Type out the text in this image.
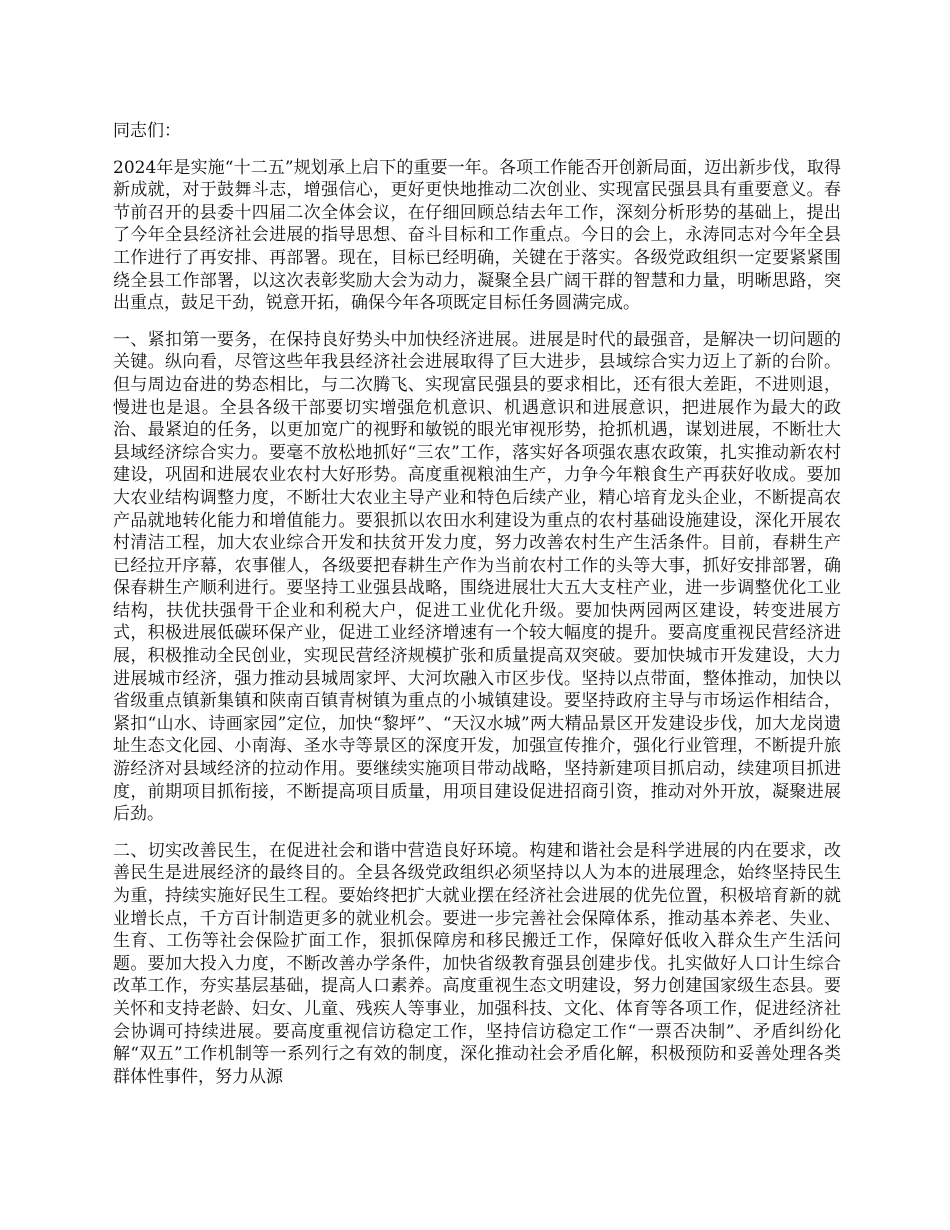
同志们：

2024年是实施“十二五”规划承上启下的重要一年。各项工作能否开创新局面，迈出新步伐，取得新成就，对于鼓舞斗志，增强信心，更好更快地推动二次创业、实现富民强县具有重要意义。春节前召开的县委十四届二次全体会议，在仔细回顾总结去年工作，深刻分析形势的基础上，提出了今年全县经济社会进展的指导思想、奋斗目标和工作重点。今日的会上，永涛同志对今年全县工作进行了再安排、再部署。现在，目标已经明确，关键在于落实。各级党政组织一定要紧紧围绕全县工作部署，以这次表彰奖励大会为动力，凝聚全县广阔干群的智慧和力量，明晰思路，突出重点，鼓足干劲，锐意开拓，确保今年各项既定目标任务圆满完成。

一、紧扣第一要务，在保持良好势头中加快经济进展。进展是时代的最强音，是解决一切问题的关键。纵向看，尽管这些年我县经济社会进展取得了巨大进步，县域综合实力迈上了新的台阶。但与周边奋进的势态相比，与二次腾飞、实现富民强县的要求相比，还有很大差距，不进则退，慢进也是退。全县各级干部要切实增强危机意识、机遇意识和进展意识，把进展作为最大的政治、最紧迫的任务，以更加宽广的视野和敏锐的眼光审视形势，抢抓机遇，谋划进展，不断壮大县域经济综合实力。要毫不放松地抓好“三农”工作，落实好各项强农惠农政策，扎实推动新农村建设，巩固和进展农业农村大好形势。高度重视粮油生产，力争今年粮食生产再获好收成。要加大农业结构调整力度，不断壮大农业主导产业和特色后续产业，精心培育龙头企业，不断提高农产品就地转化能力和增值能力。要狠抓以农田水利建设为重点的农村基础设施建设，深化开展农村清洁工程，加大农业综合开发和扶贫开发力度，努力改善农村生产生活条件。目前，春耕生产已经拉开序幕，农事催人，各级要把春耕生产作为当前农村工作的头等大事，抓好安排部署，确保春耕生产顺利进行。要坚持工业强县战略，围绕进展壮大五大支柱产业，进一步调整优化工业结构，扶优扶强骨干企业和利税大户，促进工业优化升级。要加快两园两区建设，转变进展方式，积极进展低碳环保产业，促进工业经济增速有一个较大幅度的提升。要高度重视民营经济进展，积极推动全民创业，实现民营经济规模扩张和质量提高双突破。要加快城市开发建设，大力进展城市经济，强力推动县城周家坪、大河坎融入市区步伐。坚持以点带面，整体推动，加快以省级重点镇新集镇和陕南百镇青树镇为重点的小城镇建设。要坚持政府主导与市场运作相结合，紧扣“山水、诗画家园”定位，加快“黎坪”、“天汉水城”两大精品景区开发建设步伐，加大龙岗遗址生态文化园、小南海、圣水寺等景区的深度开发，加强宣传推介，强化行业管理，不断提升旅游经济对县域经济的拉动作用。要继续实施项目带动战略，坚持新建项目抓启动，续建项目抓进度，前期项目抓衔接，不断提高项目质量，用项目建设促进招商引资，推动对外开放，凝聚进展后劲。

二、切实改善民生，在促进社会和谐中营造良好环境。构建和谐社会是科学进展的内在要求，改善民生是进展经济的最终目的。全县各级党政组织必须坚持以人为本的进展理念，始终坚持民生为重，持续实施好民生工程。要始终把扩大就业摆在经济社会进展的优先位置，积极培育新的就业增长点，千方百计制造更多的就业机会。要进一步完善社会保障体系，推动基本养老、失业、生育、工伤等社会保险扩面工作，狠抓保障房和移民搬迁工作，保障好低收入群众生产生活问题。要加大投入力度，不断改善办学条件，加快省级教育强县创建步伐。扎实做好人口计生综合改革工作，夯实基层基础，提高人口素养。高度重视生态文明建设，努力创建国家级生态县。要关怀和支持老龄、妇女、儿童、残疾人等事业，加强科技、文化、体育等各项工作，促进经济社会协调可持续进展。要高度重视信访稳定工作，坚持信访稳定工作“一票否决制”、矛盾纠纷化解“双五”工作机制等一系列行之有效的制度，深化推动社会矛盾化解，积极预防和妥善处理各类群体性事件，努力从源
